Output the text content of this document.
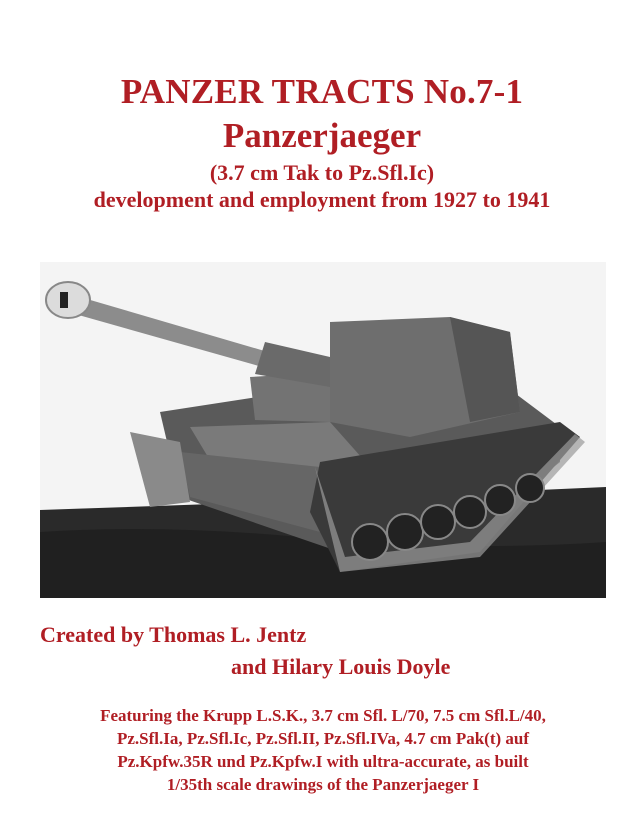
PANZER TRACTS No.7-1
Panzerjaeger
(3.7 cm Tak to Pz.Sfl.Ic)
development and employment from 1927 to 1941
Created by Thomas L. Jentz
and Hilary Louis Doyle
Featuring the Krupp L.S.K., 3.7 cm Sfl. L/70, 7.5 cm Sfl.L/40,
Pz.Sfl.Ia, Pz.Sfl.Ic, Pz.Sfl.II, Pz.Sfl.IVa, 4.7 cm Pak(t) auf
Pz.Kpfw.35R und Pz.Kpfw.I with ultra-accurate, as built
1/35th scale drawings of the Panzerjaeger I
